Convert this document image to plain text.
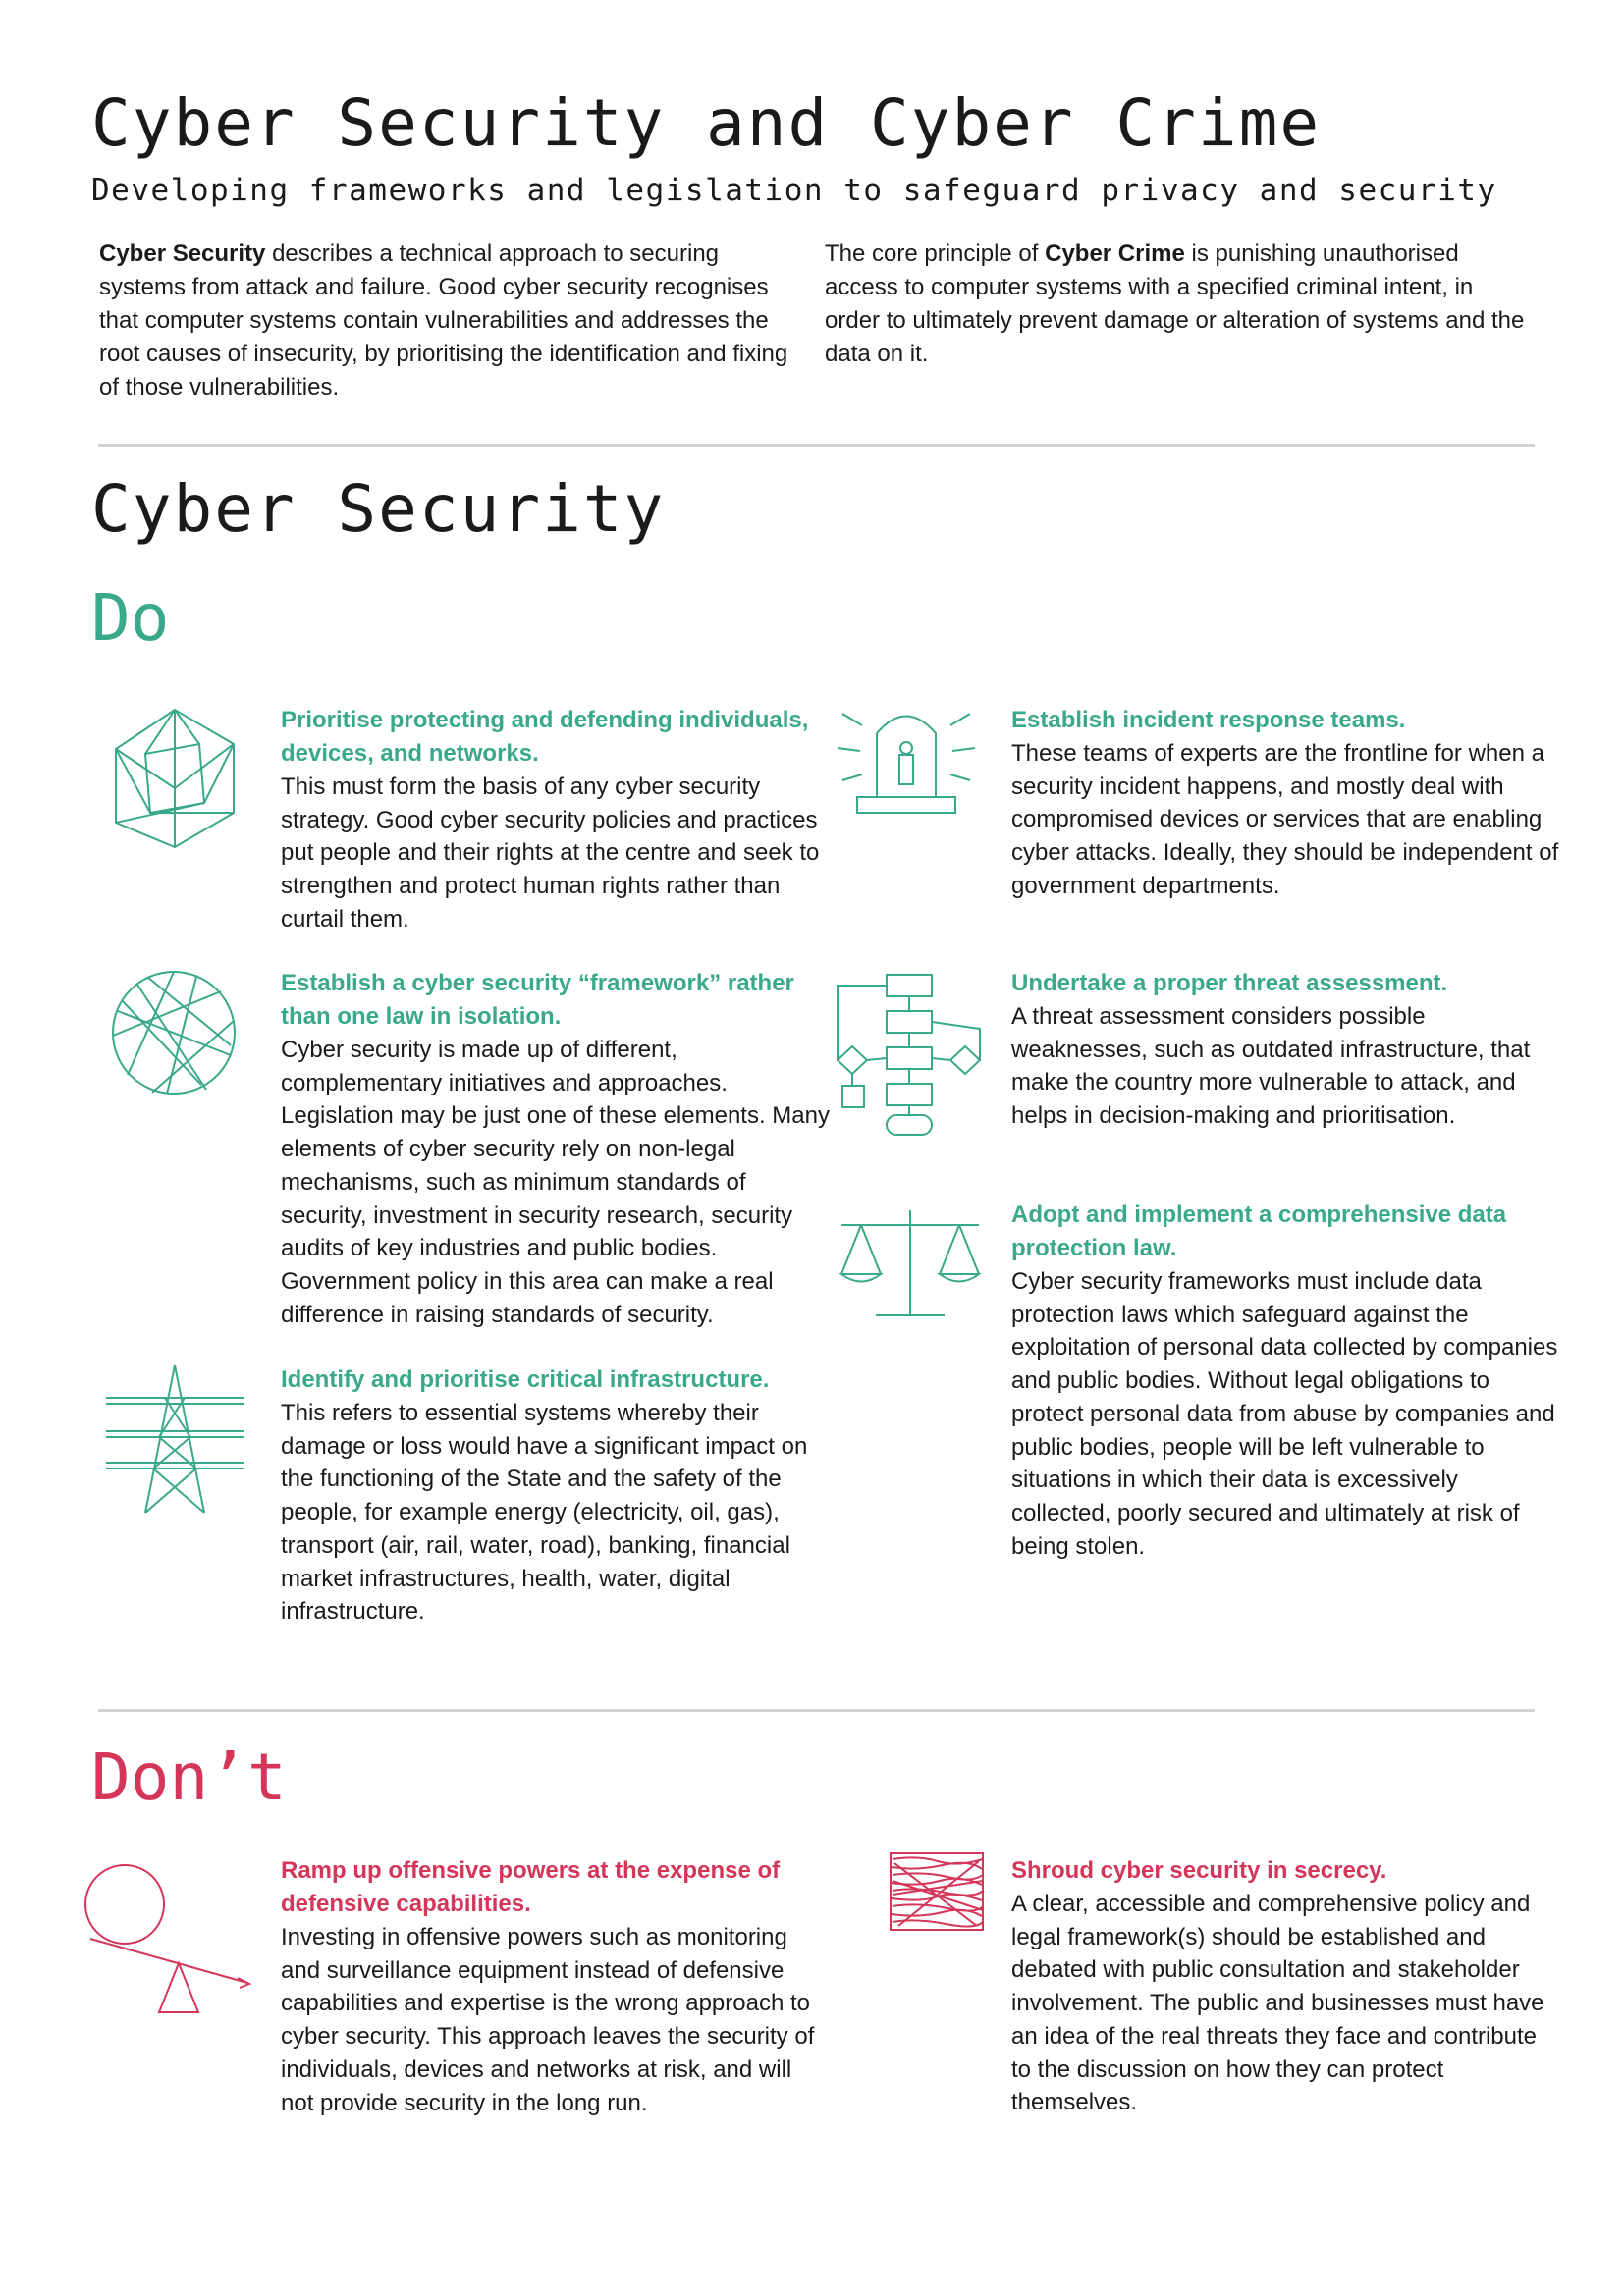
Cyber Security and Cyber Crime
Developing frameworks and legislation to safeguard privacy and security

Cyber Security describes a technical approach to securing systems from attack and failure. Good cyber security recognises that computer systems contain vulnerabilities and addresses the root causes of insecurity, by prioritising the identification and fixing of those vulnerabilities.

The core principle of Cyber Crime is punishing unauthorised access to computer systems with a specified criminal intent, in order to ultimately prevent damage or alteration of systems and the data on it.

Cyber Security
Do
Prioritise protecting and defending individuals, devices, and networks.

This must form the basis of any cyber security strategy. Good cyber security policies and practices put people and their rights at the centre and seek to strengthen and protect human rights rather than curtail them.

Establish a cyber security “framework” rather than one law in isolation.

Cyber security is made up of different, complementary initiatives and approaches. Legislation may be just one of these elements. Many elements of cyber security rely on non-legal mechanisms, such as minimum standards of security, investment in security research, security audits of key industries and public bodies. Government policy in this area can make a real difference in raising standards of security.

Identify and prioritise critical infrastructure.

This refers to essential systems whereby their damage or loss would have a significant impact on the functioning of the State and the safety of the people, for example energy (electricity, oil, gas), transport (air, rail, water, road), banking, financial market infrastructures, health, water, digital infrastructure.

Establish incident response teams.

These teams of experts are the frontline for when a security incident happens, and mostly deal with compromised devices or services that are enabling cyber attacks. Ideally, they should be independent of government departments.

Undertake a proper threat assessment.

A threat assessment considers possible weaknesses, such as outdated infrastructure, that make the country more vulnerable to attack, and helps in decision-making and prioritisation.

Adopt and implement a comprehensive data protection law.

Cyber security frameworks must include data protection laws which safeguard against the exploitation of personal data collected by companies and public bodies. Without legal obligations to protect personal data from abuse by companies and public bodies, people will be left vulnerable to situations in which their data is excessively collected, poorly secured and ultimately at risk of being stolen.

Don’t
Ramp up offensive powers at the expense of defensive capabilities.

Investing in offensive powers such as monitoring and surveillance equipment instead of defensive capabilities and expertise is the wrong approach to cyber security. This approach leaves the security of individuals, devices and networks at risk, and will not provide security in the long run.

Shroud cyber security in secrecy.

A clear, accessible and comprehensive policy and legal framework(s) should be established and debated with public consultation and stakeholder involvement. The public and businesses must have an idea of the real threats they face and contribute to the discussion on how they can protect themselves.
